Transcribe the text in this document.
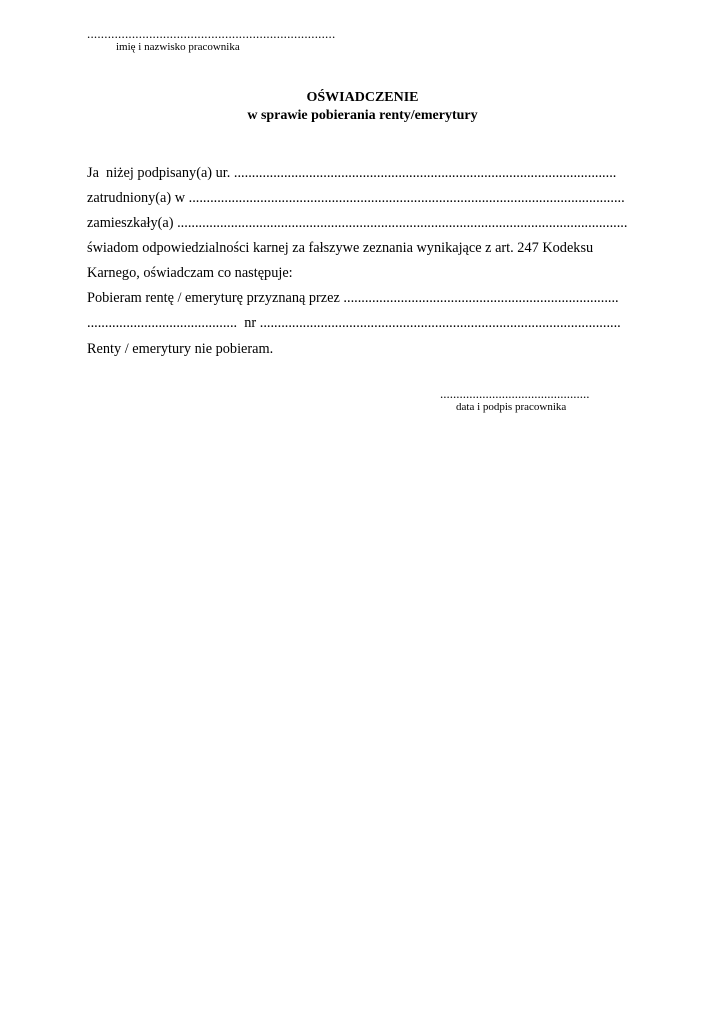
........................................................................
imię i nazwisko pracownika
OŚWIADCZENIE
w sprawie pobierania renty/emerytury
Ja  niżej podpisany(a) ur. ...........................................................................................................
zatrudniony(a) w ..........................................................................................................................
zamieszkały(a) ..............................................................................................................................
świadom odpowiedzialności karnej za fałszywe zeznania wynikające z art. 247 Kodeksu
Karnego, oświadczam co następuje:
Pobieram rentę / emeryturę przyznaną przez .............................................................................
..........................................  nr .....................................................................................................
Renty / emerytury nie pobieram.
..............................................
data i podpis pracownika
